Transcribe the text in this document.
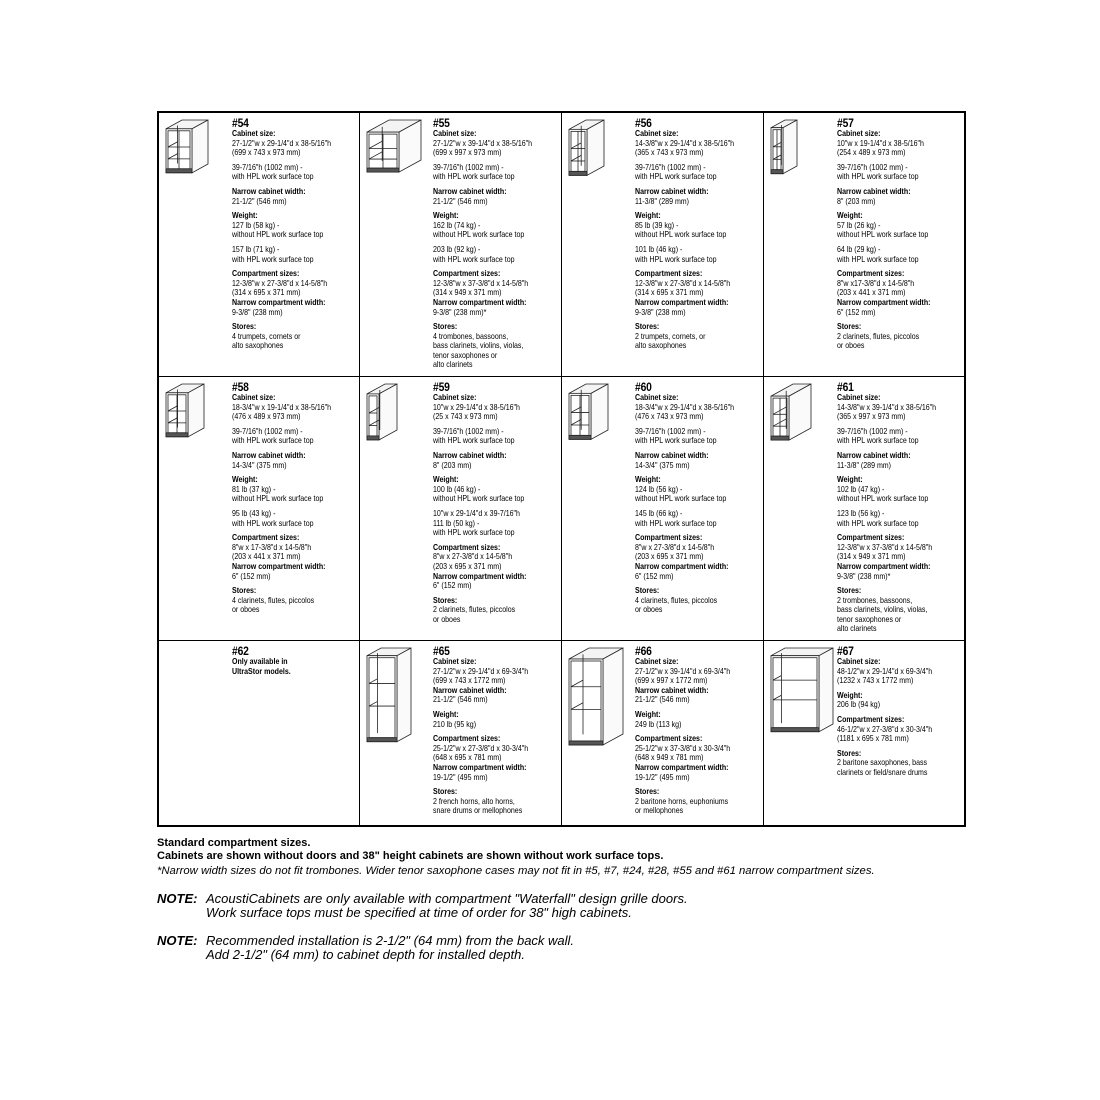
#54
Cabinet size:
27-1/2"w x 29-1/4"d x 38-5/16"h
(699 x 743 x 973 mm)
39-7/16"h (1002 mm) -
with HPL work surface top
Narrow cabinet width:
21-1/2" (546 mm)
Weight:
127 lb (58 kg) -
without HPL work surface top
157 lb (71 kg) -
with HPL work surface top
Compartment sizes:
12-3/8"w x 27-3/8"d x 14-5/8"h
(314 x 695 x 371 mm)
Narrow compartment width:
9-3/8" (238 mm)
Stores:
4 trumpets, cornets or
alto saxophones
#55
Cabinet size:
27-1/2"w x 39-1/4"d x 38-5/16"h
(699 x 997 x 973 mm)
39-7/16"h (1002 mm) -
with HPL work surface top
Narrow cabinet width:
21-1/2" (546 mm)
Weight:
162 lb (74 kg) -
without HPL work surface top
203 lb (92 kg) -
with HPL work surface top
Compartment sizes:
12-3/8"w x 37-3/8"d x 14-5/8"h
(314 x 949 x 371 mm)
Narrow compartment width:
9-3/8" (238 mm)*
Stores:
4 trombones, bassoons,
bass clarinets, violins, violas,
tenor saxophones or
alto clarinets
#56
Cabinet size:
14-3/8"w x 29-1/4"d x 38-5/16"h
(365 x 743 x 973 mm)
39-7/16"h (1002 mm) -
with HPL work surface top
Narrow cabinet width:
11-3/8" (289 mm)
Weight:
85 lb (39 kg) -
without HPL work surface top
101 lb (46 kg) -
with HPL work surface top
Compartment sizes:
12-3/8"w x 27-3/8"d x 14-5/8"h
(314 x 695 x 371 mm)
Narrow compartment width:
9-3/8" (238 mm)
Stores:
2 trumpets, cornets, or
alto saxophones
#57
Cabinet size:
10"w x 19-1/4"d x 38-5/16"h
(254 x 489 x 973 mm)
39-7/16"h (1002 mm) -
with HPL work surface top
Narrow cabinet width:
8" (203 mm)
Weight:
57 lb (26 kg) -
without HPL work surface top
64 lb (29 kg) -
with HPL work surface top
Compartment sizes:
8"w x17-3/8"d x 14-5/8"h
(203 x 441 x 371 mm)
Narrow compartment width:
6" (152 mm)
Stores:
2 clarinets, flutes, piccolos
or oboes
#58
Cabinet size:
18-3/4"w x 19-1/4"d x 38-5/16"h
(476 x 489 x 973 mm)
39-7/16"h (1002 mm) -
with HPL work surface top
Narrow cabinet width:
14-3/4" (375 mm)
Weight:
81 lb (37 kg) -
without HPL work surface top
95 lb (43 kg) -
with HPL work surface top
Compartment sizes:
8"w x 17-3/8"d x 14-5/8"h
(203 x 441 x 371 mm)
Narrow compartment width:
6" (152 mm)
Stores:
4 clarinets, flutes, piccolos
or oboes
#59
Cabinet size:
10"w x 29-1/4"d x 38-5/16"h
(25 x 743 x 973 mm)
39-7/16"h (1002 mm) -
with HPL work surface top
Narrow cabinet width:
8" (203 mm)
Weight:
100 lb (46 kg) -
without HPL work surface top
10"w x 29-1/4"d x 39-7/16"h
111 lb (50 kg) -
with HPL work surface top
Compartment sizes:
8"w x 27-3/8"d x 14-5/8"h
(203 x 695 x 371 mm)
Narrow compartment width:
6" (152 mm)
Stores:
2 clarinets, flutes, piccolos
or oboes
#60
Cabinet size:
18-3/4"w x 29-1/4"d x 38-5/16"h
(476 x 743 x 973 mm)
39-7/16"h (1002 mm) -
with HPL work surface top
Narrow cabinet width:
14-3/4" (375 mm)
Weight:
124 lb (56 kg) -
without HPL work surface top
145 lb (66 kg) -
with HPL work surface top
Compartment sizes:
8"w x 27-3/8"d x 14-5/8"h
(203 x 695 x 371 mm)
Narrow compartment width:
6" (152 mm)
Stores:
4 clarinets, flutes, piccolos
or oboes
#61
Cabinet size:
14-3/8"w x 39-1/4"d x 38-5/16"h
(365 x 997 x 973 mm)
39-7/16"h (1002 mm) -
with HPL work surface top
Narrow cabinet width:
11-3/8" (289 mm)
Weight:
102 lb (47 kg) -
without HPL work surface top
123 lb (56 kg) -
with HPL work surface top
Compartment sizes:
12-3/8"w x 37-3/8"d x 14-5/8"h
(314 x 949 x 371 mm)
Narrow compartment width:
9-3/8" (238 mm)*
Stores:
2 trombones, bassoons,
bass clarinets, violins, violas,
tenor saxophones or
alto clarinets
#62
Only available in
UltraStor models.
#65
Cabinet size:
27-1/2"w x 29-1/4"d x 69-3/4"h
(699 x 743 x 1772 mm)
Narrow cabinet width:
21-1/2" (546 mm)
Weight:
210 lb (95 kg)
Compartment sizes:
25-1/2"w x 27-3/8"d x 30-3/4"h
(648 x 695 x 781 mm)
Narrow compartment width:
19-1/2" (495 mm)
Stores:
2 french horns, alto horns,
snare drums or mellophones
#66
Cabinet size:
27-1/2"w x 39-1/4"d x 69-3/4"h
(699 x 997 x 1772 mm)
Narrow cabinet width:
21-1/2" (546 mm)
Weight:
249 lb (113 kg)
Compartment sizes:
25-1/2"w x 37-3/8"d x 30-3/4"h
(648 x 949 x 781 mm)
Narrow compartment width:
19-1/2" (495 mm)
Stores:
2 baritone horns, euphoniums
or mellophones
#67
Cabinet size:
48-1/2"w x 29-1/4"d x 69-3/4"h
(1232 x 743 x 1772 mm)
Weight:
206 lb (94 kg)
Compartment sizes:
46-1/2"w x 27-3/8"d x 30-3/4"h
(1181 x 695 x 781 mm)
Stores:
2 baritone saxophones, bass
clarinets or field/snare drums
Standard compartment sizes.
Cabinets are shown without doors and 38" height cabinets are shown without work surface tops.
*Narrow width sizes do not fit trombones. Wider tenor saxophone cases may not fit in #5, #7, #24, #28, #55 and #61 narrow compartment sizes.
NOTE: AcoustiCabinets are only available with compartment "Waterfall" design grille doors.
Work surface tops must be specified at time of order for 38" high cabinets.
NOTE: Recommended installation is 2-1/2" (64 mm) from the back wall.
Add 2-1/2" (64 mm) to cabinet depth for installed depth.
